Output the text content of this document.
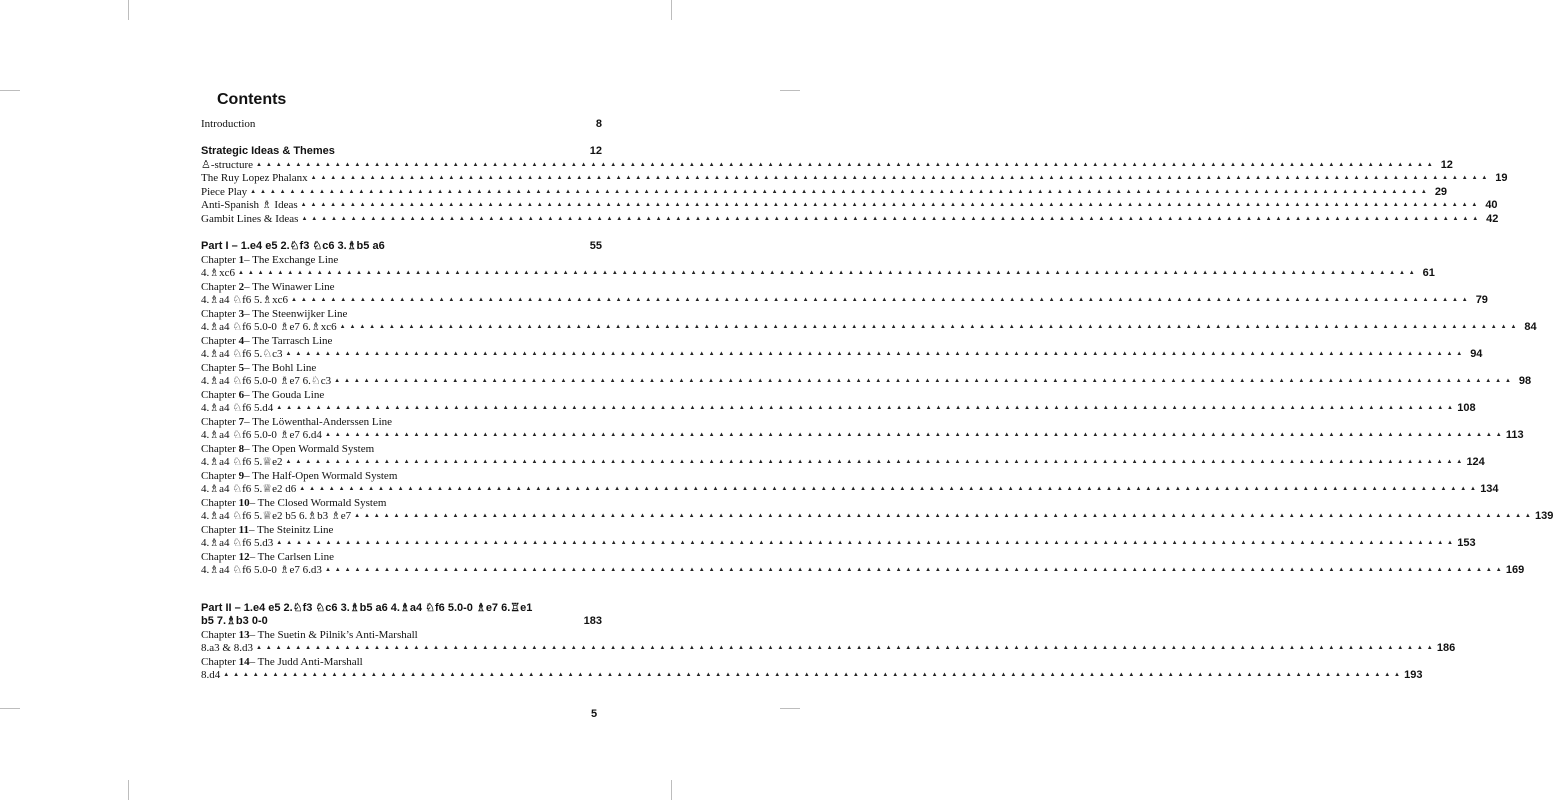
Contents
Introduction	8
Strategic Ideas & Themes	12
♙-structure ▲ ▲ ▲ ▲ ▲ ▲ ▲ ▲ ▲ ▲ ▲ ▲ ▲ ▲ ▲ ▲ ▲ ▲ ▲ ▲ ▲ ▲ ▲ ▲ ▲ ▲ ▲ ▲ ▲ ▲ ▲ ▲ ▲ ▲ ▲ ▲ ▲ ▲ ▲ ▲ ▲ ▲ ▲ ▲ ▲ ▲ ▲ ▲ ▲ ▲ ▲ ▲ ▲ ▲ ▲ ▲ ▲ ▲ ▲ ▲ ▲ ▲ ▲ ▲ ▲ ▲ ▲ ▲ ▲ ▲ ▲ ▲ ▲ ▲ ▲ ▲ ▲ ▲ ▲ ▲ ▲ ▲ ▲ ▲ ▲ ▲ ▲ ▲ ▲ ▲ ▲ ▲ ▲ ▲ ▲ ▲ ▲ ▲ ▲ ▲ ▲ ▲ ▲ ▲ ▲ ▲ ▲ ▲ ▲ ▲ ▲ ▲ ▲ ▲ ▲ ▲ ▲ ▲ ▲ ▲ 12
The Ruy Lopez Phalanx ▲ ▲ ▲ ▲ ▲ ▲ ▲ ▲ ▲ ▲ ▲ ▲ ▲ ▲ ▲ ▲ ▲ ▲ ▲ ▲ ▲ ▲ ▲ ▲ ▲ ▲ ▲ ▲ ▲ ▲ ▲ ▲ ▲ ▲ ▲ ▲ ▲ ▲ ▲ ▲ ▲ ▲ ▲ ▲ ▲ ▲ ▲ ▲ ▲ ▲ ▲ ▲ ▲ ▲ ▲ ▲ ▲ ▲ ▲ ▲ ▲ ▲ ▲ ▲ ▲ ▲ ▲ ▲ ▲ ▲ ▲ ▲ ▲ ▲ ▲ ▲ ▲ ▲ ▲ ▲ ▲ ▲ ▲ ▲ ▲ ▲ ▲ ▲ ▲ ▲ ▲ ▲ ▲ ▲ ▲ ▲ ▲ ▲ ▲ ▲ ▲ ▲ ▲ ▲ ▲ ▲ ▲ ▲ ▲ ▲ ▲ ▲ ▲ ▲ ▲ ▲ ▲ ▲ ▲ ▲ 19
Piece Play ▲ ▲ ▲ ▲ ▲ ▲ ▲ ▲ ▲ ▲ ▲ ▲ ▲ ▲ ▲ ▲ ▲ ▲ ▲ ▲ ▲ ▲ ▲ ▲ ▲ ▲ ▲ ▲ ▲ ▲ ▲ ▲ ▲ ▲ ▲ ▲ ▲ ▲ ▲ ▲ ▲ ▲ ▲ ▲ ▲ ▲ ▲ ▲ ▲ ▲ ▲ ▲ ▲ ▲ ▲ ▲ ▲ ▲ ▲ ▲ ▲ ▲ ▲ ▲ ▲ ▲ ▲ ▲ ▲ ▲ ▲ ▲ ▲ ▲ ▲ ▲ ▲ ▲ ▲ ▲ ▲ ▲ ▲ ▲ ▲ ▲ ▲ ▲ ▲ ▲ ▲ ▲ ▲ ▲ ▲ ▲ ▲ ▲ ▲ ▲ ▲ ▲ ▲ ▲ ▲ ▲ ▲ ▲ ▲ ▲ ▲ ▲ ▲ ▲ ▲ ▲ ▲ ▲ ▲ ▲ 29
Anti-Spanish ♗ Ideas ▲ ▲ ▲ ▲ ▲ ▲ ▲ ▲ ▲ ▲ ▲ ▲ ▲ ▲ ▲ ▲ ▲ ▲ ▲ ▲ ▲ ▲ ▲ ▲ ▲ ▲ ▲ ▲ ▲ ▲ ▲ ▲ ▲ ▲ ▲ ▲ ▲ ▲ ▲ ▲ ▲ ▲ ▲ ▲ ▲ ▲ ▲ ▲ ▲ ▲ ▲ ▲ ▲ ▲ ▲ ▲ ▲ ▲ ▲ ▲ ▲ ▲ ▲ ▲ ▲ ▲ ▲ ▲ ▲ ▲ ▲ ▲ ▲ ▲ ▲ ▲ ▲ ▲ ▲ ▲ ▲ ▲ ▲ ▲ ▲ ▲ ▲ ▲ ▲ ▲ ▲ ▲ ▲ ▲ ▲ ▲ ▲ ▲ ▲ ▲ ▲ ▲ ▲ ▲ ▲ ▲ ▲ ▲ ▲ ▲ ▲ ▲ ▲ ▲ ▲ ▲ ▲ ▲ ▲ ▲ 40
Gambit Lines & Ideas ▲ ▲ ▲ ▲ ▲ ▲ ▲ ▲ ▲ ▲ ▲ ▲ ▲ ▲ ▲ ▲ ▲ ▲ ▲ ▲ ▲ ▲ ▲ ▲ ▲ ▲ ▲ ▲ ▲ ▲ ▲ ▲ ▲ ▲ ▲ ▲ ▲ ▲ ▲ ▲ ▲ ▲ ▲ ▲ ▲ ▲ ▲ ▲ ▲ ▲ ▲ ▲ ▲ ▲ ▲ ▲ ▲ ▲ ▲ ▲ ▲ ▲ ▲ ▲ ▲ ▲ ▲ ▲ ▲ ▲ ▲ ▲ ▲ ▲ ▲ ▲ ▲ ▲ ▲ ▲ ▲ ▲ ▲ ▲ ▲ ▲ ▲ ▲ ▲ ▲ ▲ ▲ ▲ ▲ ▲ ▲ ▲ ▲ ▲ ▲ ▲ ▲ ▲ ▲ ▲ ▲ ▲ ▲ ▲ ▲ ▲ ▲ ▲ ▲ ▲ ▲ ▲ ▲ ▲ ▲ 42
Part I – 1.e4 e5 2.♘f3 ♘c6 3.♗b5 a6	55
Chapter 1– The Exchange Line
4.♗xc6 ▲ ▲ ▲ ▲ ▲ ▲ ▲ ▲ ▲ ▲ ▲ ▲ ▲ ▲ ▲ ▲ ▲ ▲ ▲ ▲ ▲ ▲ ▲ ▲ ▲ ▲ ▲ ▲ ▲ ▲ ▲ ▲ ▲ ▲ ▲ ▲ ▲ ▲ ▲ ▲ ▲ ▲ ▲ ▲ ▲ ▲ ▲ ▲ ▲ ▲ ▲ ▲ ▲ ▲ ▲ ▲ ▲ ▲ ▲ ▲ ▲ ▲ ▲ ▲ ▲ ▲ ▲ ▲ ▲ ▲ ▲ ▲ ▲ ▲ ▲ ▲ ▲ ▲ ▲ ▲ ▲ ▲ ▲ ▲ ▲ ▲ ▲ ▲ ▲ ▲ ▲ ▲ ▲ ▲ ▲ ▲ ▲ ▲ ▲ ▲ ▲ ▲ ▲ ▲ ▲ ▲ ▲ ▲ ▲ ▲ ▲ ▲ ▲ ▲ ▲ ▲ ▲ ▲ ▲ ▲ 61
Chapter 2– The Winawer Line
4.♗a4 ♘f6 5.♗xc6 ▲ ▲ ▲ ▲ ▲ ▲ ▲ ▲ ▲ ▲ ▲ ▲ ▲ ▲ ▲ ▲ ▲ ▲ ▲ ▲ ▲ ▲ ▲ ▲ ▲ ▲ ▲ ▲ ▲ ▲ ▲ ▲ ▲ ▲ ▲ ▲ ▲ ▲ ▲ ▲ ▲ ▲ ▲ ▲ ▲ ▲ ▲ ▲ ▲ ▲ ▲ ▲ ▲ ▲ ▲ ▲ ▲ ▲ ▲ ▲ ▲ ▲ ▲ ▲ ▲ ▲ ▲ ▲ ▲ ▲ ▲ ▲ ▲ ▲ ▲ ▲ ▲ ▲ ▲ ▲ ▲ ▲ ▲ ▲ ▲ ▲ ▲ ▲ ▲ ▲ ▲ ▲ ▲ ▲ ▲ ▲ ▲ ▲ ▲ ▲ ▲ ▲ ▲ ▲ ▲ ▲ ▲ ▲ ▲ ▲ ▲ ▲ ▲ ▲ ▲ ▲ ▲ ▲ ▲ ▲ 79
Chapter 3– The Steenwijker Line
4.♗a4 ♘f6 5.0-0 ♗e7 6.♗xc6 ▲ ▲ ▲ ▲ ▲ ▲ ▲ ▲ ▲ ▲ ▲ ▲ ▲ ▲ ▲ ▲ ▲ ▲ ▲ ▲ ▲ ▲ ▲ ▲ ▲ ▲ ▲ ▲ ▲ ▲ ▲ ▲ ▲ ▲ ▲ ▲ ▲ ▲ ▲ ▲ ▲ ▲ ▲ ▲ ▲ ▲ ▲ ▲ ▲ ▲ ▲ ▲ ▲ ▲ ▲ ▲ ▲ ▲ ▲ ▲ ▲ ▲ ▲ ▲ ▲ ▲ ▲ ▲ ▲ ▲ ▲ ▲ ▲ ▲ ▲ ▲ ▲ ▲ ▲ ▲ ▲ ▲ ▲ ▲ ▲ ▲ ▲ ▲ ▲ ▲ ▲ ▲ ▲ ▲ ▲ ▲ ▲ ▲ ▲ ▲ ▲ ▲ ▲ ▲ ▲ ▲ ▲ ▲ ▲ ▲ ▲ ▲ ▲ ▲ ▲ ▲ ▲ ▲ ▲ ▲ 84
Chapter 4– The Tarrasch Line
4.♗a4 ♘f6 5.♘c3 ▲ ▲ ▲ ▲ ▲ ▲ ▲ ▲ ▲ ▲ ▲ ▲ ▲ ▲ ▲ ▲ ▲ ▲ ▲ ▲ ▲ ▲ ▲ ▲ ▲ ▲ ▲ ▲ ▲ ▲ ▲ ▲ ▲ ▲ ▲ ▲ ▲ ▲ ▲ ▲ ▲ ▲ ▲ ▲ ▲ ▲ ▲ ▲ ▲ ▲ ▲ ▲ ▲ ▲ ▲ ▲ ▲ ▲ ▲ ▲ ▲ ▲ ▲ ▲ ▲ ▲ ▲ ▲ ▲ ▲ ▲ ▲ ▲ ▲ ▲ ▲ ▲ ▲ ▲ ▲ ▲ ▲ ▲ ▲ ▲ ▲ ▲ ▲ ▲ ▲ ▲ ▲ ▲ ▲ ▲ ▲ ▲ ▲ ▲ ▲ ▲ ▲ ▲ ▲ ▲ ▲ ▲ ▲ ▲ ▲ ▲ ▲ ▲ ▲ ▲ ▲ ▲ ▲ ▲ ▲ 94
Chapter 5– The Bohl Line
4.♗a4 ♘f6 5.0-0 ♗e7 6.♘c3 ▲ ▲ ▲ ▲ ▲ ▲ ▲ ▲ ▲ ▲ ▲ ▲ ▲ ▲ ▲ ▲ ▲ ▲ ▲ ▲ ▲ ▲ ▲ ▲ ▲ ▲ ▲ ▲ ▲ ▲ ▲ ▲ ▲ ▲ ▲ ▲ ▲ ▲ ▲ ▲ ▲ ▲ ▲ ▲ ▲ ▲ ▲ ▲ ▲ ▲ ▲ ▲ ▲ ▲ ▲ ▲ ▲ ▲ ▲ ▲ ▲ ▲ ▲ ▲ ▲ ▲ ▲ ▲ ▲ ▲ ▲ ▲ ▲ ▲ ▲ ▲ ▲ ▲ ▲ ▲ ▲ ▲ ▲ ▲ ▲ ▲ ▲ ▲ ▲ ▲ ▲ ▲ ▲ ▲ ▲ ▲ ▲ ▲ ▲ ▲ ▲ ▲ ▲ ▲ ▲ ▲ ▲ ▲ ▲ ▲ ▲ ▲ ▲ ▲ ▲ ▲ ▲ ▲ ▲ ▲ 98
Chapter 6– The Gouda Line
4.♗a4 ♘f6 5.d4 ▲ ▲ ▲ ▲ ▲ ▲ ▲ ▲ ▲ ▲ ▲ ▲ ▲ ▲ ▲ ▲ ▲ ▲ ▲ ▲ ▲ ▲ ▲ ▲ ▲ ▲ ▲ ▲ ▲ ▲ ▲ ▲ ▲ ▲ ▲ ▲ ▲ ▲ ▲ ▲ ▲ ▲ ▲ ▲ ▲ ▲ ▲ ▲ ▲ ▲ ▲ ▲ ▲ ▲ ▲ ▲ ▲ ▲ ▲ ▲ ▲ ▲ ▲ ▲ ▲ ▲ ▲ ▲ ▲ ▲ ▲ ▲ ▲ ▲ ▲ ▲ ▲ ▲ ▲ ▲ ▲ ▲ ▲ ▲ ▲ ▲ ▲ ▲ ▲ ▲ ▲ ▲ ▲ ▲ ▲ ▲ ▲ ▲ ▲ ▲ ▲ ▲ ▲ ▲ ▲ ▲ ▲ ▲ ▲ ▲ ▲ ▲ ▲ ▲ ▲ ▲ ▲ ▲ ▲ ▲ 108
Chapter 7– The Löwenthal-Anderssen Line
4.♗a4 ♘f6 5.0-0 ♗e7 6.d4 ▲ ▲ ▲ ▲ ▲ ▲ ▲ ▲ ▲ ▲ ▲ ▲ ▲ ▲ ▲ ▲ ▲ ▲ ▲ ▲ ▲ ▲ ▲ ▲ ▲ ▲ ▲ ▲ ▲ ▲ ▲ ▲ ▲ ▲ ▲ ▲ ▲ ▲ ▲ ▲ ▲ ▲ ▲ ▲ ▲ ▲ ▲ ▲ ▲ ▲ ▲ ▲ ▲ ▲ ▲ ▲ ▲ ▲ ▲ ▲ ▲ ▲ ▲ ▲ ▲ ▲ ▲ ▲ ▲ ▲ ▲ ▲ ▲ ▲ ▲ ▲ ▲ ▲ ▲ ▲ ▲ ▲ ▲ ▲ ▲ ▲ ▲ ▲ ▲ ▲ ▲ ▲ ▲ ▲ ▲ ▲ ▲ ▲ ▲ ▲ ▲ ▲ ▲ ▲ ▲ ▲ ▲ ▲ ▲ ▲ ▲ ▲ ▲ ▲ ▲ ▲ ▲ ▲ ▲ ▲ 113
Chapter 8– The Open Wormald System
4.♗a4 ♘f6 5.♕e2 ▲ ▲ ▲ ▲ ▲ ▲ ▲ ▲ ▲ ▲ ▲ ▲ ▲ ▲ ▲ ▲ ▲ ▲ ▲ ▲ ▲ ▲ ▲ ▲ ▲ ▲ ▲ ▲ ▲ ▲ ▲ ▲ ▲ ▲ ▲ ▲ ▲ ▲ ▲ ▲ ▲ ▲ ▲ ▲ ▲ ▲ ▲ ▲ ▲ ▲ ▲ ▲ ▲ ▲ ▲ ▲ ▲ ▲ ▲ ▲ ▲ ▲ ▲ ▲ ▲ ▲ ▲ ▲ ▲ ▲ ▲ ▲ ▲ ▲ ▲ ▲ ▲ ▲ ▲ ▲ ▲ ▲ ▲ ▲ ▲ ▲ ▲ ▲ ▲ ▲ ▲ ▲ ▲ ▲ ▲ ▲ ▲ ▲ ▲ ▲ ▲ ▲ ▲ ▲ ▲ ▲ ▲ ▲ ▲ ▲ ▲ ▲ ▲ ▲ ▲ ▲ ▲ ▲ ▲ ▲ 124
Chapter 9– The Half-Open Wormald System
4.♗a4 ♘f6 5.♕e2 d6 ▲ ▲ ▲ ▲ ▲ ▲ ▲ ▲ ▲ ▲ ▲ ▲ ▲ ▲ ▲ ▲ ▲ ▲ ▲ ▲ ▲ ▲ ▲ ▲ ▲ ▲ ▲ ▲ ▲ ▲ ▲ ▲ ▲ ▲ ▲ ▲ ▲ ▲ ▲ ▲ ▲ ▲ ▲ ▲ ▲ ▲ ▲ ▲ ▲ ▲ ▲ ▲ ▲ ▲ ▲ ▲ ▲ ▲ ▲ ▲ ▲ ▲ ▲ ▲ ▲ ▲ ▲ ▲ ▲ ▲ ▲ ▲ ▲ ▲ ▲ ▲ ▲ ▲ ▲ ▲ ▲ ▲ ▲ ▲ ▲ ▲ ▲ ▲ ▲ ▲ ▲ ▲ ▲ ▲ ▲ ▲ ▲ ▲ ▲ ▲ ▲ ▲ ▲ ▲ ▲ ▲ ▲ ▲ ▲ ▲ ▲ ▲ ▲ ▲ ▲ ▲ ▲ ▲ ▲ ▲ 134
Chapter 10– The Closed Wormald System
4.♗a4 ♘f6 5.♕e2 b5 6.♗b3 ♗e7 ▲ ▲ ▲ ▲ ▲ ▲ ▲ ▲ ▲ ▲ ▲ ▲ ▲ ▲ ▲ ▲ ▲ ▲ ▲ ▲ ▲ ▲ ▲ ▲ ▲ ▲ ▲ ▲ ▲ ▲ ▲ ▲ ▲ ▲ ▲ ▲ ▲ ▲ ▲ ▲ ▲ ▲ ▲ ▲ ▲ ▲ ▲ ▲ ▲ ▲ ▲ ▲ ▲ ▲ ▲ ▲ ▲ ▲ ▲ ▲ ▲ ▲ ▲ ▲ ▲ ▲ ▲ ▲ ▲ ▲ ▲ ▲ ▲ ▲ ▲ ▲ ▲ ▲ ▲ ▲ ▲ ▲ ▲ ▲ ▲ ▲ ▲ ▲ ▲ ▲ ▲ ▲ ▲ ▲ ▲ ▲ ▲ ▲ ▲ ▲ ▲ ▲ ▲ ▲ ▲ ▲ ▲ ▲ ▲ ▲ ▲ ▲ ▲ ▲ ▲ ▲ ▲ ▲ ▲ ▲ 139
Chapter 11– The Steinitz Line
4.♗a4 ♘f6 5.d3 ▲ ▲ ▲ ▲ ▲ ▲ ▲ ▲ ▲ ▲ ▲ ▲ ▲ ▲ ▲ ▲ ▲ ▲ ▲ ▲ ▲ ▲ ▲ ▲ ▲ ▲ ▲ ▲ ▲ ▲ ▲ ▲ ▲ ▲ ▲ ▲ ▲ ▲ ▲ ▲ ▲ ▲ ▲ ▲ ▲ ▲ ▲ ▲ ▲ ▲ ▲ ▲ ▲ ▲ ▲ ▲ ▲ ▲ ▲ ▲ ▲ ▲ ▲ ▲ ▲ ▲ ▲ ▲ ▲ ▲ ▲ ▲ ▲ ▲ ▲ ▲ ▲ ▲ ▲ ▲ ▲ ▲ ▲ ▲ ▲ ▲ ▲ ▲ ▲ ▲ ▲ ▲ ▲ ▲ ▲ ▲ ▲ ▲ ▲ ▲ ▲ ▲ ▲ ▲ ▲ ▲ ▲ ▲ ▲ ▲ ▲ ▲ ▲ ▲ ▲ ▲ ▲ ▲ ▲ ▲ 153
Chapter 12– The Carlsen Line
4.♗a4 ♘f6 5.0-0 ♗e7 6.d3 ▲ ▲ ▲ ▲ ▲ ▲ ▲ ▲ ▲ ▲ ▲ ▲ ▲ ▲ ▲ ▲ ▲ ▲ ▲ ▲ ▲ ▲ ▲ ▲ ▲ ▲ ▲ ▲ ▲ ▲ ▲ ▲ ▲ ▲ ▲ ▲ ▲ ▲ ▲ ▲ ▲ ▲ ▲ ▲ ▲ ▲ ▲ ▲ ▲ ▲ ▲ ▲ ▲ ▲ ▲ ▲ ▲ ▲ ▲ ▲ ▲ ▲ ▲ ▲ ▲ ▲ ▲ ▲ ▲ ▲ ▲ ▲ ▲ ▲ ▲ ▲ ▲ ▲ ▲ ▲ ▲ ▲ ▲ ▲ ▲ ▲ ▲ ▲ ▲ ▲ ▲ ▲ ▲ ▲ ▲ ▲ ▲ ▲ ▲ ▲ ▲ ▲ ▲ ▲ ▲ ▲ ▲ ▲ ▲ ▲ ▲ ▲ ▲ ▲ ▲ ▲ ▲ ▲ ▲ ▲ 169
Part II – 1.e4 e5 2.♘f3 ♘c6 3.♗b5 a6 4.♗a4 ♘f6 5.0-0 ♗e7 6.♖e1
b5 7.♗b3 0-0	183
Chapter 13– The Suetin & Pilnik’s Anti-Marshall
8.a3 & 8.d3 ▲ ▲ ▲ ▲ ▲ ▲ ▲ ▲ ▲ ▲ ▲ ▲ ▲ ▲ ▲ ▲ ▲ ▲ ▲ ▲ ▲ ▲ ▲ ▲ ▲ ▲ ▲ ▲ ▲ ▲ ▲ ▲ ▲ ▲ ▲ ▲ ▲ ▲ ▲ ▲ ▲ ▲ ▲ ▲ ▲ ▲ ▲ ▲ ▲ ▲ ▲ ▲ ▲ ▲ ▲ ▲ ▲ ▲ ▲ ▲ ▲ ▲ ▲ ▲ ▲ ▲ ▲ ▲ ▲ ▲ ▲ ▲ ▲ ▲ ▲ ▲ ▲ ▲ ▲ ▲ ▲ ▲ ▲ ▲ ▲ ▲ ▲ ▲ ▲ ▲ ▲ ▲ ▲ ▲ ▲ ▲ ▲ ▲ ▲ ▲ ▲ ▲ ▲ ▲ ▲ ▲ ▲ ▲ ▲ ▲ ▲ ▲ ▲ ▲ ▲ ▲ ▲ ▲ ▲ ▲ 186
Chapter 14– The Judd Anti-Marshall
8.d4 ▲ ▲ ▲ ▲ ▲ ▲ ▲ ▲ ▲ ▲ ▲ ▲ ▲ ▲ ▲ ▲ ▲ ▲ ▲ ▲ ▲ ▲ ▲ ▲ ▲ ▲ ▲ ▲ ▲ ▲ ▲ ▲ ▲ ▲ ▲ ▲ ▲ ▲ ▲ ▲ ▲ ▲ ▲ ▲ ▲ ▲ ▲ ▲ ▲ ▲ ▲ ▲ ▲ ▲ ▲ ▲ ▲ ▲ ▲ ▲ ▲ ▲ ▲ ▲ ▲ ▲ ▲ ▲ ▲ ▲ ▲ ▲ ▲ ▲ ▲ ▲ ▲ ▲ ▲ ▲ ▲ ▲ ▲ ▲ ▲ ▲ ▲ ▲ ▲ ▲ ▲ ▲ ▲ ▲ ▲ ▲ ▲ ▲ ▲ ▲ ▲ ▲ ▲ ▲ ▲ ▲ ▲ ▲ ▲ ▲ ▲ ▲ ▲ ▲ ▲ ▲ ▲ ▲ ▲ ▲ 193
5
